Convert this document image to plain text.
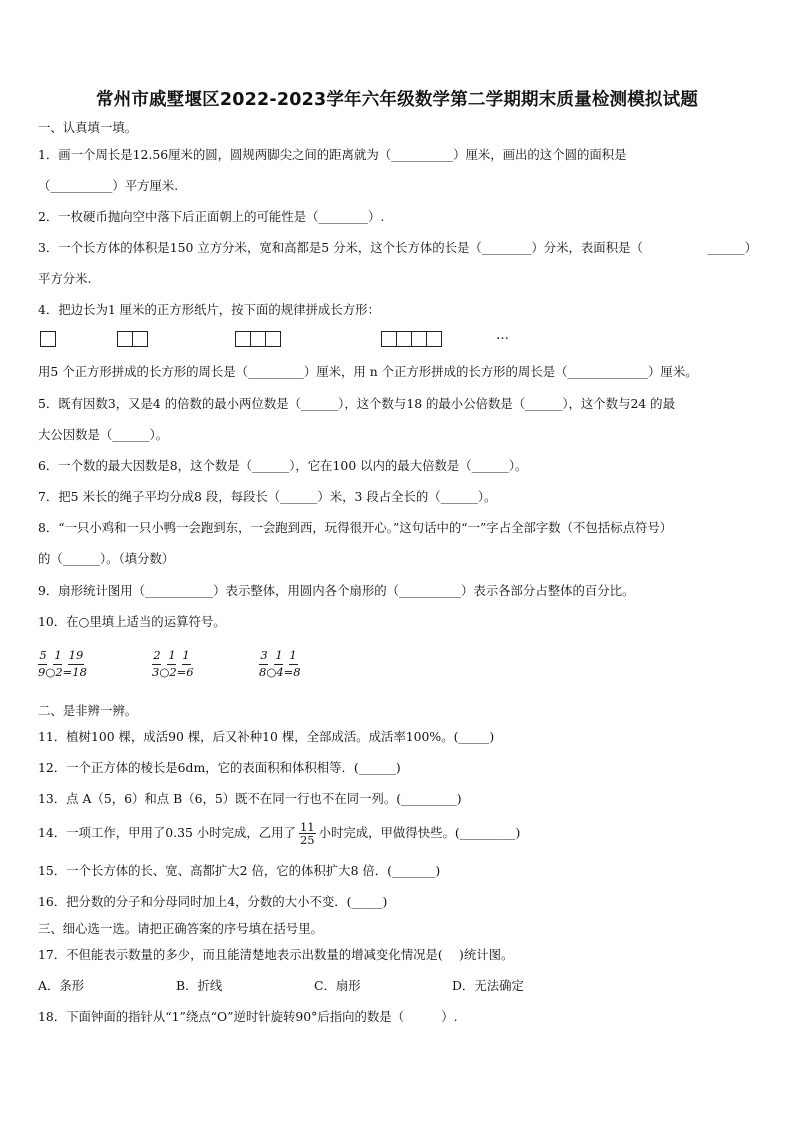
常州市戚墅堰区2022-2023学年六年级数学第二学期期末质量检测模拟试题
一、认真填一填。
1．画一个周长是12.56厘米的圆，圆规两脚尖之间的距离就为（__________）厘米，画出的这个圆的面积是
（__________）平方厘米.
2．一枚硬币抛向空中落下后正面朝上的可能性是（________）.
3．一个长方体的体积是150 立方分米，宽和高都是5 分米，这个长方体的长是（________）分米，表面积是（	______）
平方分米.
4．把边长为1 厘米的正方形纸片，按下面的规律拼成长方形：
…
用5 个正方形拼成的长方形的周长是（_________）厘米，用 n 个正方形拼成的长方形的周长是（_____________）厘米。
5．既有因数3，又是4 的倍数的最小两位数是（______），这个数与18 的最小公倍数是（______），这个数与24 的最
大公因数是（______）。
6．一个数的最大因数是8，这个数是（______），它在100 以内的最大倍数是（______）。
7．把5 米长的绳子平均分成8 段，每段长（______）米，3 段占全长的（______）。
8．“一只小鸡和一只小鸭一会跑到东，一会跑到西，玩得很开心。”这句话中的“一”字占全部字数（不包括标点符号）
的（______）。（填分数）
9．扇形统计图用（___________）表示整体，用圆内各个扇形的（__________）表示各部分占整体的百分比。
10．在○里填上适当的运算符号。
5 1 19
9○2=18
2 1 1
3○2=6
3 1 1
8○4=8
二、是非辨一辨。
11．植树100 棵，成活90 棵，后又补种10 棵，全部成活。成活率100%。(_____)
12．一个正方体的棱长是6dm，它的表面积和体积相等．(______)
13．点 A（5，6）和点 B（6，5）既不在同一行也不在同一列。(_________)
14．一项工作，甲用了0.35 小时完成，乙用了 $\frac{11}{25}$ 小时完成，甲做得快些。(_________)
15．一个长方体的长、宽、高都扩大2 倍，它的体积扩大8 倍．(_______)
16．把分数的分子和分母同时加上4，分数的大小不变．(_____)
三、细心选一选。请把正确答案的序号填在括号里。
17．不但能表示数量的多少，而且能清楚地表示出数量的增减变化情况是(　 )统计图。
A．条形	B．折线	C．扇形	D．无法确定
18．下面钟面的指针从“1”绕点“O”逆时针旋转90°后指向的数是（　　　）.
